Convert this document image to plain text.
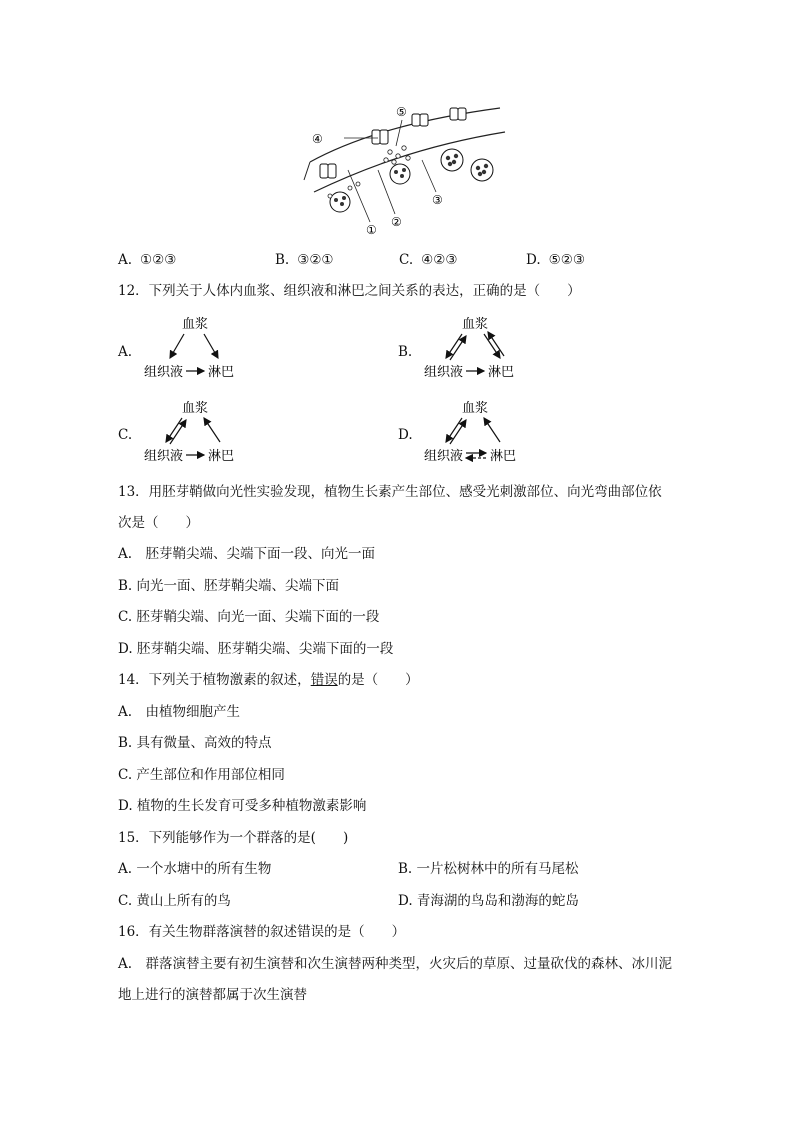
④
⑤
①
②
③
A. ①②③	B. ③②①	C. ④②③	D. ⑤②③
12．下列关于人体内血浆、组织液和淋巴之间关系的表达，正确的是（　　）
A.
血浆
组织液 淋巴
B.
血浆
组织液 淋巴
C.
血浆
组织液 淋巴
D.
血浆
组织液 淋巴
13．用胚芽鞘做向光性实验发现，植物生长素产生部位、感受光刺激部位、向光弯曲部位依
次是（　　）
A.　胚芽鞘尖端、尖端下面一段、向光一面
B. 向光一面、胚芽鞘尖端、尖端下面
C. 胚芽鞘尖端、向光一面、尖端下面的一段
D. 胚芽鞘尖端、胚芽鞘尖端、尖端下面的一段
14．下列关于植物激素的叙述，错误的是（　　）
A.　由植物细胞产生
B. 具有微量、高效的特点
C. 产生部位和作用部位相同
D. 植物的生长发育可受多种植物激素影响
15．下列能够作为一个群落的是(　　)
A. 一个水塘中的所有生物	B. 一片松树林中的所有马尾松
C. 黄山上所有的鸟	D. 青海湖的鸟岛和渤海的蛇岛
16．有关生物群落演替的叙述错误的是（　　）
A.　群落演替主要有初生演替和次生演替两种类型，火灾后的草原、过量砍伐的森林、冰川泥
地上进行的演替都属于次生演替
